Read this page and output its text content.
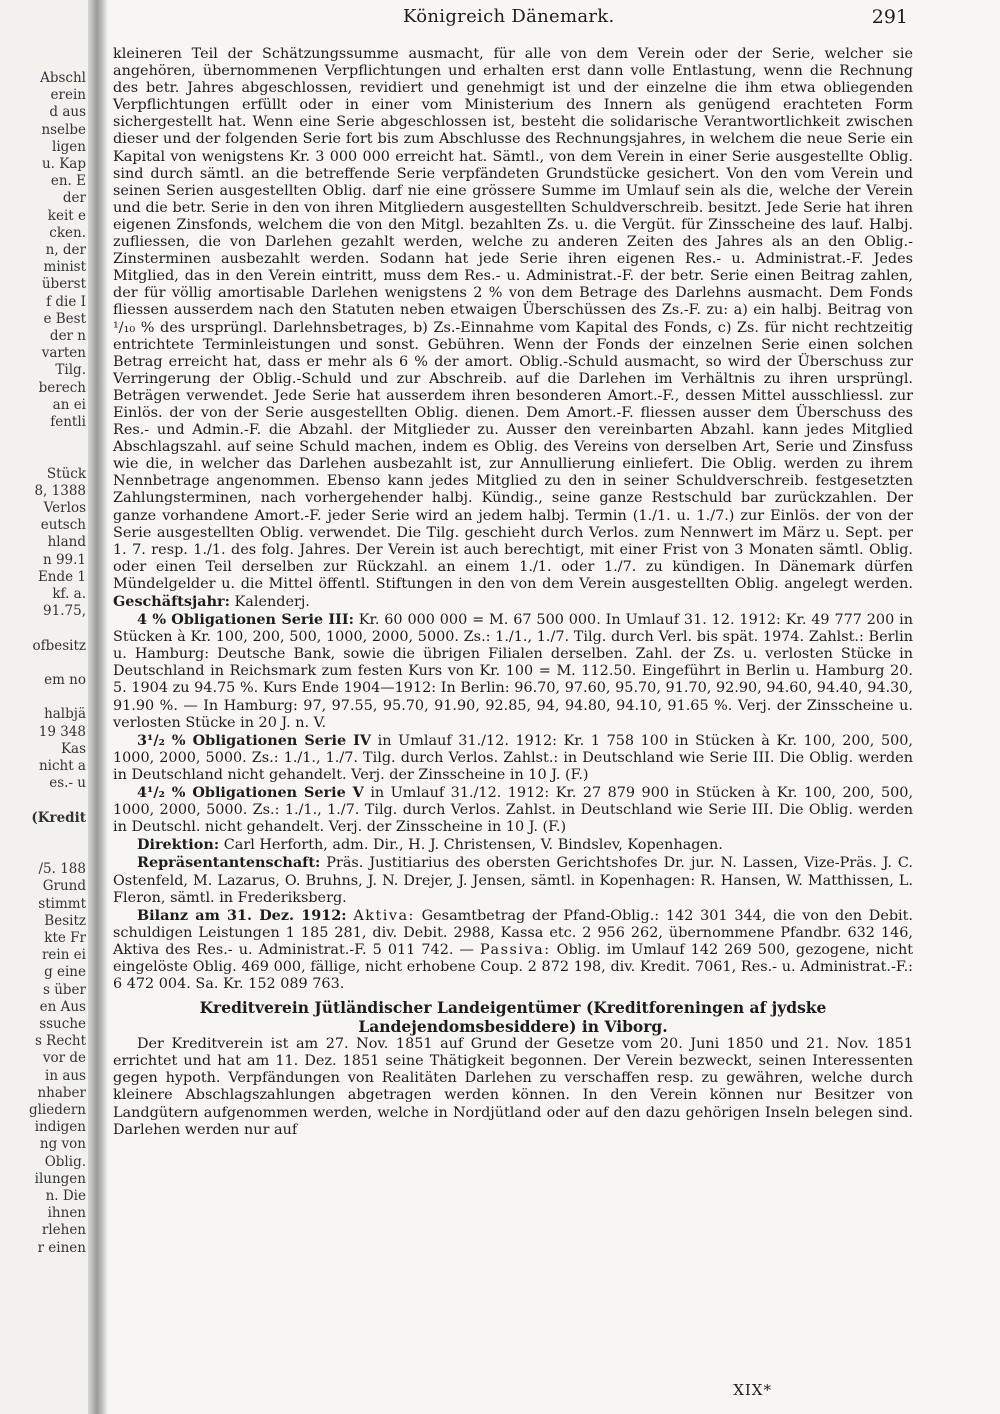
Abschl
erein
d aus
nselbe
ligen
u. Kap
en. E
der
keit e
cken.
n, der
minist
überst
f die I
e Best
der n
varten
Tilg.
berech
an ei
fentli
Stück
8, 1388
Verlos
eutsch
hland
n 99.1
Ende 1
kf. a.
91.75,
ofbesitz
em no
halbjä
19 348
Kas
nicht a
es.- u
(Kredit
/5. 188
Grund
stimmt
Besitz
kte Fr
rein ei
g eine
s über
en Aus
ssuche
s Recht
vor de
in aus
nhaber
gliedern
indigen
ng von
Oblig.
ilungen
n. Die
ihnen
rlehen
r einen
Königreich Dänemark.	291

kleineren Teil der Schätzungssumme ausmacht, für alle von dem Verein oder der Serie, welcher sie angehören, übernommenen Verpflichtungen und erhalten erst dann volle Entlastung, wenn die Rechnung des betr. Jahres abgeschlossen, revidiert und genehmigt ist und der einzelne die ihm etwa obliegenden Verpflichtungen erfüllt oder in einer vom Ministerium des Innern als genügend erachteten Form sichergestellt hat. Wenn eine Serie abgeschlossen ist, besteht die solidarische Verantwortlichkeit zwischen dieser und der folgenden Serie fort bis zum Abschlusse des Rechnungsjahres, in welchem die neue Serie ein Kapital von wenigstens Kr. 3 000 000 erreicht hat. Sämtl., von dem Verein in einer Serie ausgestellte Oblig. sind durch sämtl. an die betreffende Serie verpfändeten Grundstücke gesichert. Von den vom Verein und seinen Serien ausgestellten Oblig. darf nie eine grössere Summe im Umlauf sein als die, welche der Verein und die betr. Serie in den von ihren Mitgliedern ausgestellten Schuldverschreib. besitzt. Jede Serie hat ihren eigenen Zinsfonds, welchem die von den Mitgl. bezahlten Zs. u. die Vergüt. für Zinsscheine des lauf. Halbj. zufliessen, die von Darlehen gezahlt werden, welche zu anderen Zeiten des Jahres als an den Oblig.-Zinsterminen ausbezahlt werden. Sodann hat jede Serie ihren eigenen Res.- u. Administrat.-F. Jedes Mitglied, das in den Verein eintritt, muss dem Res.- u. Administrat.-F. der betr. Serie einen Beitrag zahlen, der für völlig amortisable Darlehen wenigstens 2 % von dem Betrage des Darlehns ausmacht. Dem Fonds fliessen ausserdem nach den Statuten neben etwaigen Überschüssen des Zs.-F. zu: a) ein halbj. Beitrag von ¹/₁₀ % des ursprüngl. Darlehnsbetrages, b) Zs.-Einnahme vom Kapital des Fonds, c) Zs. für nicht rechtzeitig entrichtete Terminleistungen und sonst. Gebühren. Wenn der Fonds der einzelnen Serie einen solchen Betrag erreicht hat, dass er mehr als 6 % der amort. Oblig.-Schuld ausmacht, so wird der Überschuss zur Verringerung der Oblig.-Schuld und zur Abschreib. auf die Darlehen im Verhältnis zu ihren ursprüngl. Beträgen verwendet. Jede Serie hat ausserdem ihren besonderen Amort.-F., dessen Mittel ausschliessl. zur Einlös. der von der Serie ausgestellten Oblig. dienen. Dem Amort.-F. fliessen ausser dem Überschuss des Res.- und Admin.-F. die Abzahl. der Mitglieder zu. Ausser den vereinbarten Abzahl. kann jedes Mitglied Abschlagszahl. auf seine Schuld machen, indem es Oblig. des Vereins von derselben Art, Serie und Zinsfuss wie die, in welcher das Darlehen ausbezahlt ist, zur Annullierung einliefert. Die Oblig. werden zu ihrem Nennbetrage angenommen. Ebenso kann jedes Mitglied zu den in seiner Schuldverschreib. festgesetzten Zahlungsterminen, nach vorhergehender halbj. Kündig., seine ganze Restschuld bar zurückzahlen. Der ganze vorhandene Amort.-F. jeder Serie wird an jedem halbj. Termin (1./1. u. 1./7.) zur Einlös. der von der Serie ausgestellten Oblig. verwendet. Die Tilg. geschieht durch Verlos. zum Nennwert im März u. Sept. per 1. 7. resp. 1./1. des folg. Jahres. Der Verein ist auch berechtigt, mit einer Frist von 3 Monaten sämtl. Oblig. oder einen Teil derselben zur Rückzahl. an einem 1./1. oder 1./7. zu kündigen. In Dänemark dürfen Mündelgelder u. die Mittel öffentl. Stiftungen in den von dem Verein ausgestellten Oblig. angelegt werden. Geschäftsjahr: Kalenderj.

4 % Obligationen Serie III: Kr. 60 000 000 = M. 67 500 000. In Umlauf 31. 12. 1912: Kr. 49 777 200 in Stücken à Kr. 100, 200, 500, 1000, 2000, 5000. Zs.: 1./1., 1./7. Tilg. durch Verl. bis spät. 1974. Zahlst.: Berlin u. Hamburg: Deutsche Bank, sowie die übrigen Filialen derselben. Zahl. der Zs. u. verlosten Stücke in Deutschland in Reichsmark zum festen Kurs von Kr. 100 = M. 112.50. Eingeführt in Berlin u. Hamburg 20. 5. 1904 zu 94.75 %. Kurs Ende 1904—1912: In Berlin: 96.70, 97.60, 95.70, 91.70, 92.90, 94.60, 94.40, 94.30, 91.90 %. — In Hamburg: 97, 97.55, 95.70, 91.90, 92.85, 94, 94.80, 94.10, 91.65 %. Verj. der Zinsscheine u. verlosten Stücke in 20 J. n. V.

3¹/₂ % Obligationen Serie IV in Umlauf 31./12. 1912: Kr. 1 758 100 in Stücken à Kr. 100, 200, 500, 1000, 2000, 5000. Zs.: 1./1., 1./7. Tilg. durch Verlos. Zahlst.: in Deutschland wie Serie III. Die Oblig. werden in Deutschland nicht gehandelt. Verj. der Zinsscheine in 10 J. (F.)

4¹/₂ % Obligationen Serie V in Umlauf 31./12. 1912: Kr. 27 879 900 in Stücken à Kr. 100, 200, 500, 1000, 2000, 5000. Zs.: 1./1., 1./7. Tilg. durch Verlos. Zahlst. in Deutschland wie Serie III. Die Oblig. werden in Deutschl. nicht gehandelt. Verj. der Zinsscheine in 10 J. (F.)

Direktion: Carl Herforth, adm. Dir., H. J. Christensen, V. Bindslev, Kopenhagen.

Repräsentantenschaft: Präs. Justitiarius des obersten Gerichtshofes Dr. jur. N. Lassen, Vize-Präs. J. C. Ostenfeld, M. Lazarus, O. Bruhns, J. N. Drejer, J. Jensen, sämtl. in Kopenhagen: R. Hansen, W. Matthissen, L. Fleron, sämtl. in Frederiksberg.

Bilanz am 31. Dez. 1912: Aktiva: Gesamtbetrag der Pfand-Oblig.: 142 301 344, die von den Debit. schuldigen Leistungen 1 185 281, div. Debit. 2988, Kassa etc. 2 956 262, übernommene Pfandbr. 632 146, Aktiva des Res.- u. Administrat.-F. 5 011 742. — Passiva: Oblig. im Umlauf 142 269 500, gezogene, nicht eingelöste Oblig. 469 000, fällige, nicht erhobene Coup. 2 872 198, div. Kredit. 7061, Res.- u. Administrat.-F.: 6 472 004. Sa. Kr. 152 089 763.

Kreditverein Jütländischer Landeigentümer (Kreditforeningen af jydske
Landejendomsbesiddere) in Viborg.

Der Kreditverein ist am 27. Nov. 1851 auf Grund der Gesetze vom 20. Juni 1850 und 21. Nov. 1851 errichtet und hat am 11. Dez. 1851 seine Thätigkeit begonnen. Der Verein bezweckt, seinen Interessenten gegen hypoth. Verpfändungen von Realitäten Darlehen zu verschaffen resp. zu gewähren, welche durch kleinere Abschlagszahlungen abgetragen werden können. In den Verein können nur Besitzer von Landgütern aufgenommen werden, welche in Nordjütland oder auf den dazu gehörigen Inseln belegen sind. Darlehen werden nur auf

XIX*
